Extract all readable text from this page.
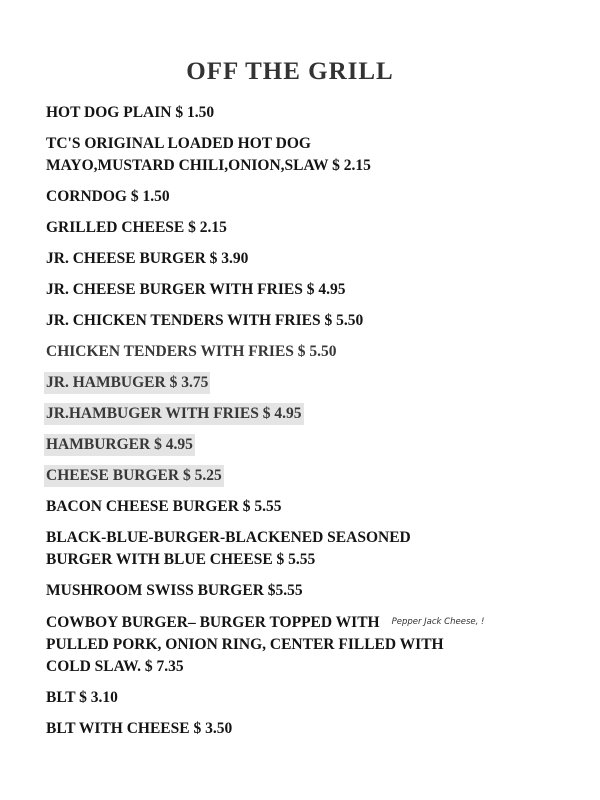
OFF THE GRILL
HOT DOG PLAIN $ 1.50
TC'S ORIGINAL LOADED HOT DOG
MAYO,MUSTARD CHILI,ONION,SLAW $ 2.15
CORNDOG $ 1.50
GRILLED CHEESE $ 2.15
JR. CHEESE BURGER $ 3.90
JR. CHEESE BURGER WITH FRIES $ 4.95
JR. CHICKEN TENDERS WITH FRIES $ 5.50
CHICKEN TENDERS WITH FRIES $ 5.50
JR. HAMBUGER $ 3.75
JR.HAMBUGER WITH FRIES $ 4.95
HAMBURGER $ 4.95
CHEESE BURGER $ 5.25
BACON CHEESE BURGER $ 5.55
BLACK-BLUE-BURGER-BLACKENED SEASONED
BURGER WITH BLUE CHEESE $ 5.55
MUSHROOM SWISS BURGER $5.55
COWBOY BURGER– BURGER TOPPED WITH Pepper Jack Cheese, !
PULLED PORK, ONION RING, CENTER FILLED WITH
COLD SLAW. $ 7.35
BLT $ 3.10
BLT WITH CHEESE $ 3.50
